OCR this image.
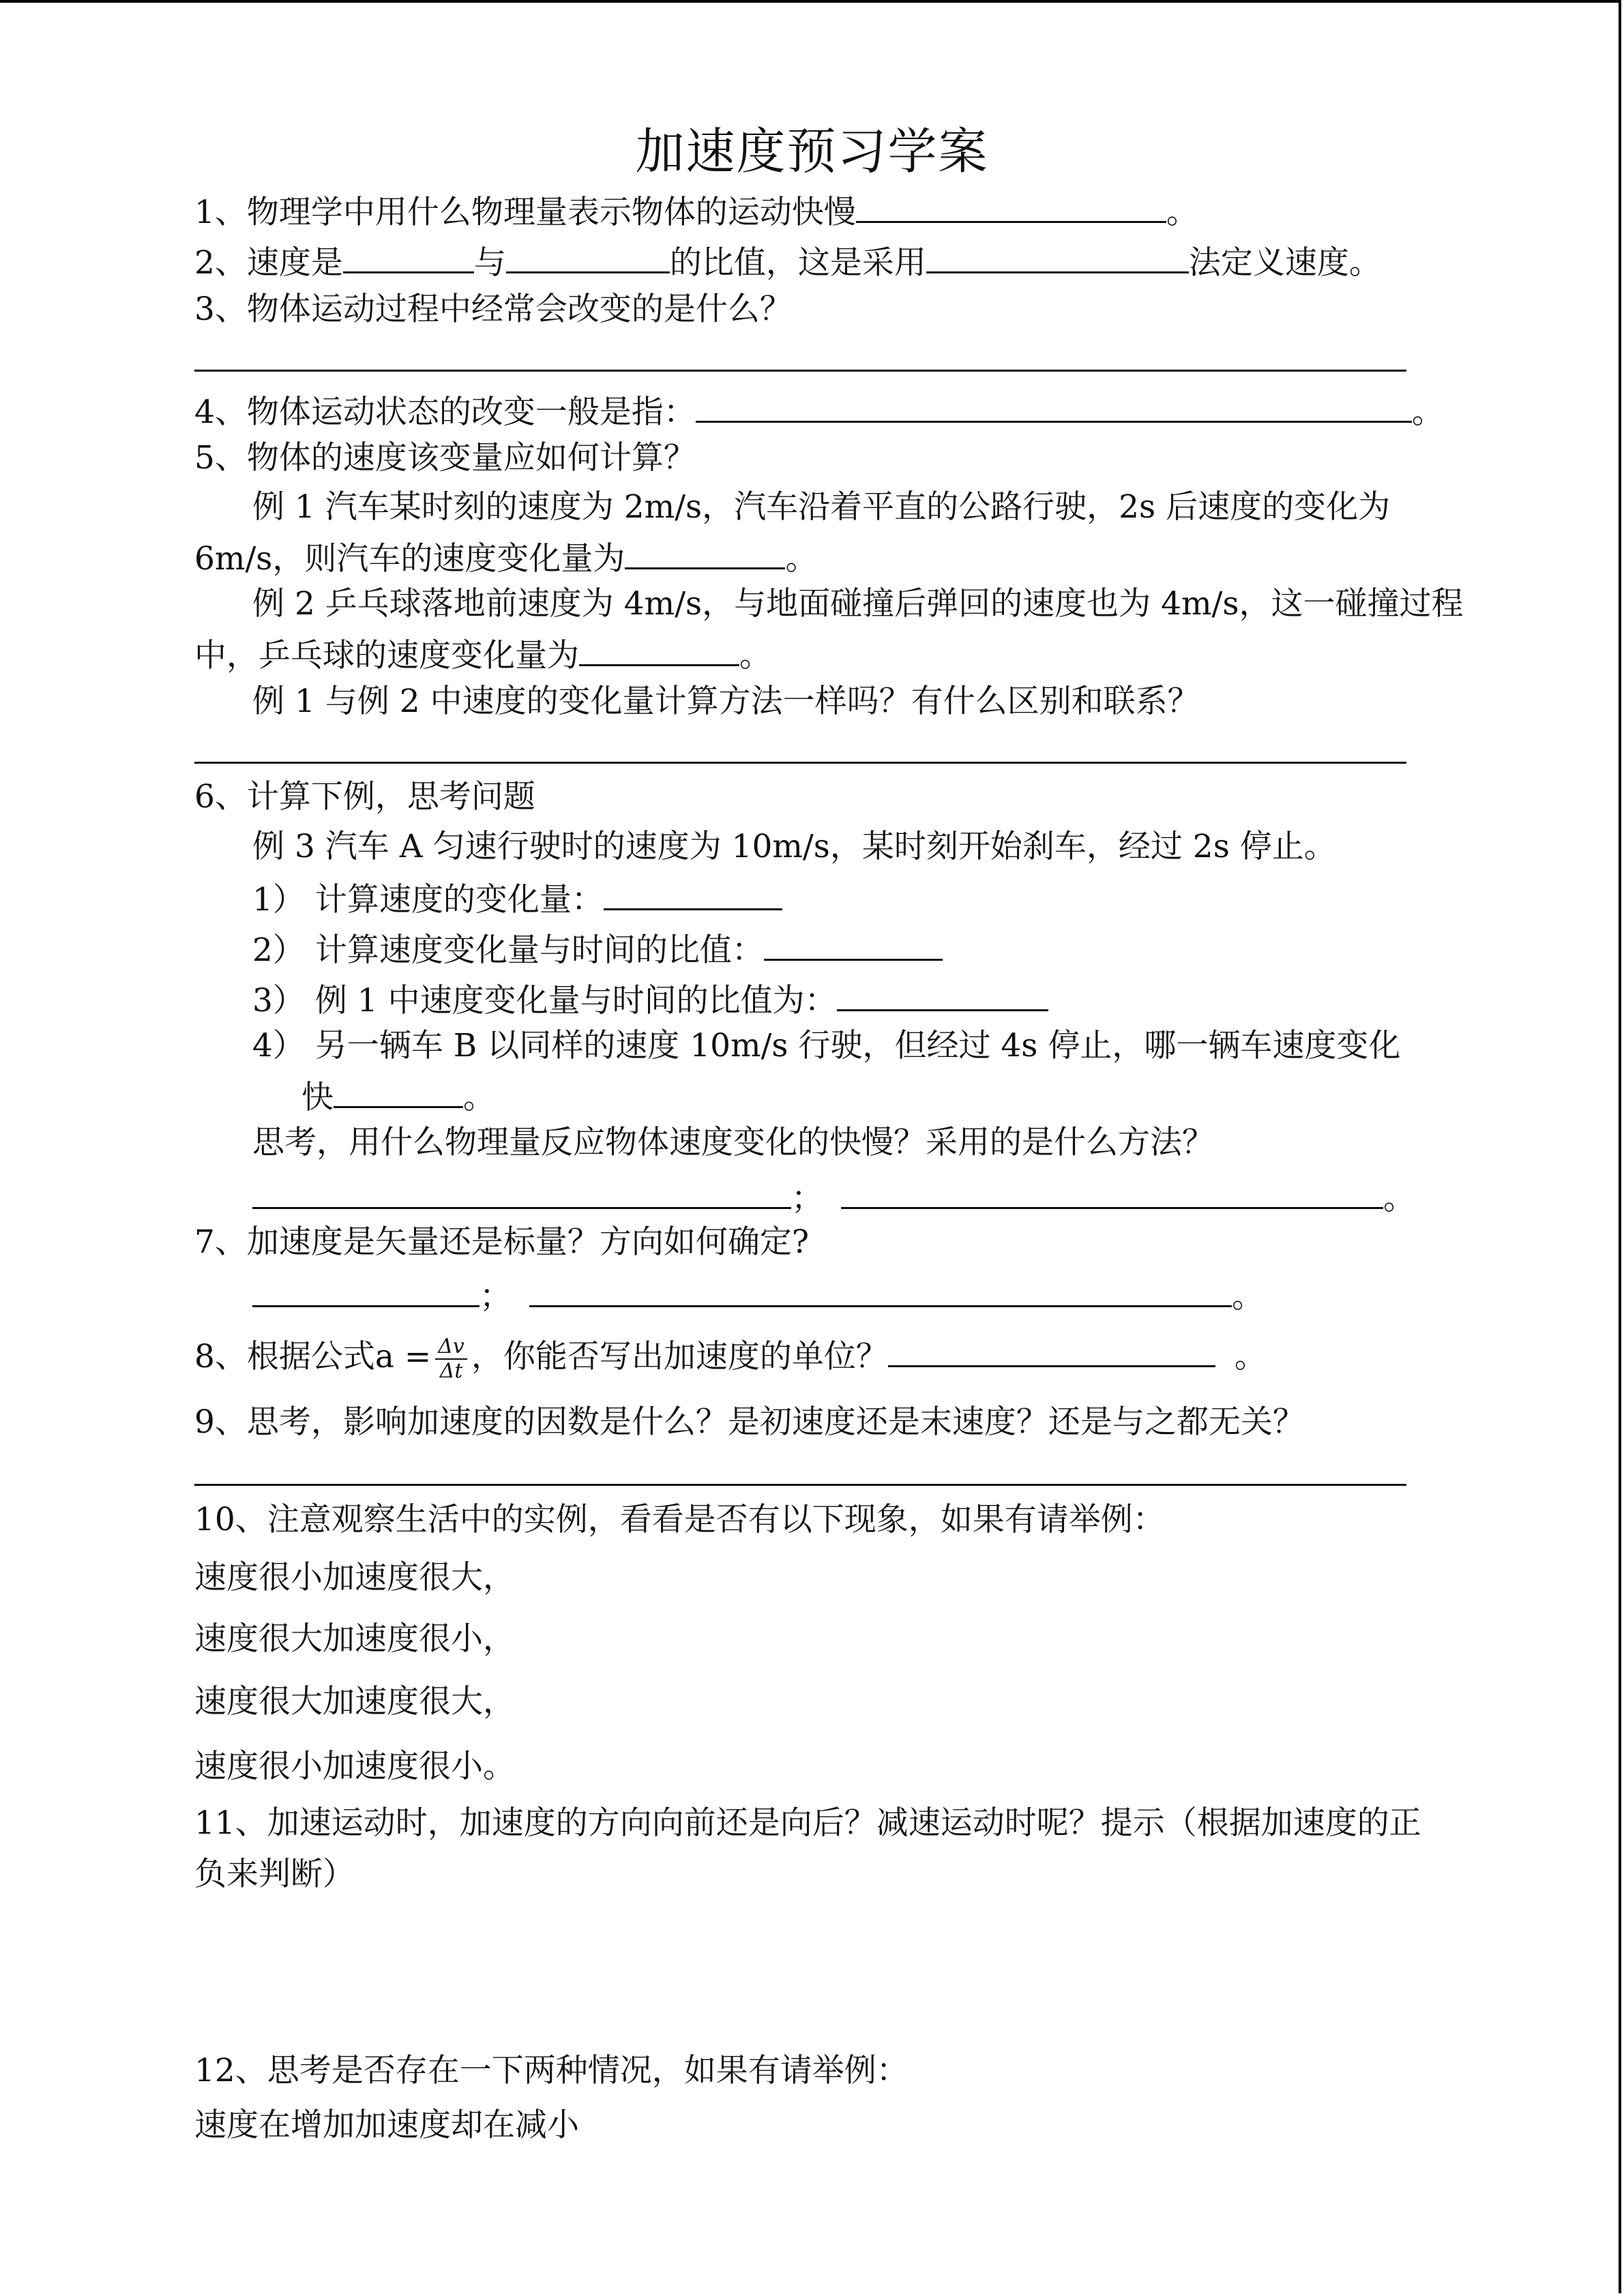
加速度预习学案
1、物理学中用什么物理量表示物体的运动快慢	。
2、速度是	与	的比值，这是采用	法定义速度。
3、物体运动过程中经常会改变的是什么？
4、物体运动状态的改变一般是指：	。
5、物体的速度该变量应如何计算？
例 1 汽车某时刻的速度为 2m/s，汽车沿着平直的公路行驶，2s 后速度的变化为
6m/s，则汽车的速度变化量为	。
例 2 乒乓球落地前速度为 4m/s，与地面碰撞后弹回的速度也为 4m/s，这一碰撞过程
中，乒乓球的速度变化量为	。
例 1 与例 2 中速度的变化量计算方法一样吗？有什么区别和联系？
6、计算下例，思考问题
例 3 汽车 A 匀速行驶时的速度为 10m/s，某时刻开始刹车，经过 2s 停止。
1） 计算速度的变化量：
2） 计算速度变化量与时间的比值：
3） 例 1 中速度变化量与时间的比值为：
4） 另一辆车 B 以同样的速度 10m/s 行驶，但经过 4s 停止，哪一辆车速度变化
快	。
思考，用什么物理量反应物体速度变化的快慢？采用的是什么方法？
；	。
7、加速度是矢量还是标量？方向如何确定?
；	。
8、根据公式$a = \frac{\Delta v}{\Delta t}$ ，你能否写出加速度的单位？	。
9、思考，影响加速度的因数是什么？是初速度还是末速度？还是与之都无关？
10、注意观察生活中的实例，看看是否有以下现象，如果有请举例：
速度很小加速度很大，
速度很大加速度很小，
速度很大加速度很大，
速度很小加速度很小。
11、加速运动时，加速度的方向向前还是向后？减速运动时呢？提示（根据加速度的正
负来判断）
12、思考是否存在一下两种情况，如果有请举例：
速度在增加加速度却在减小
